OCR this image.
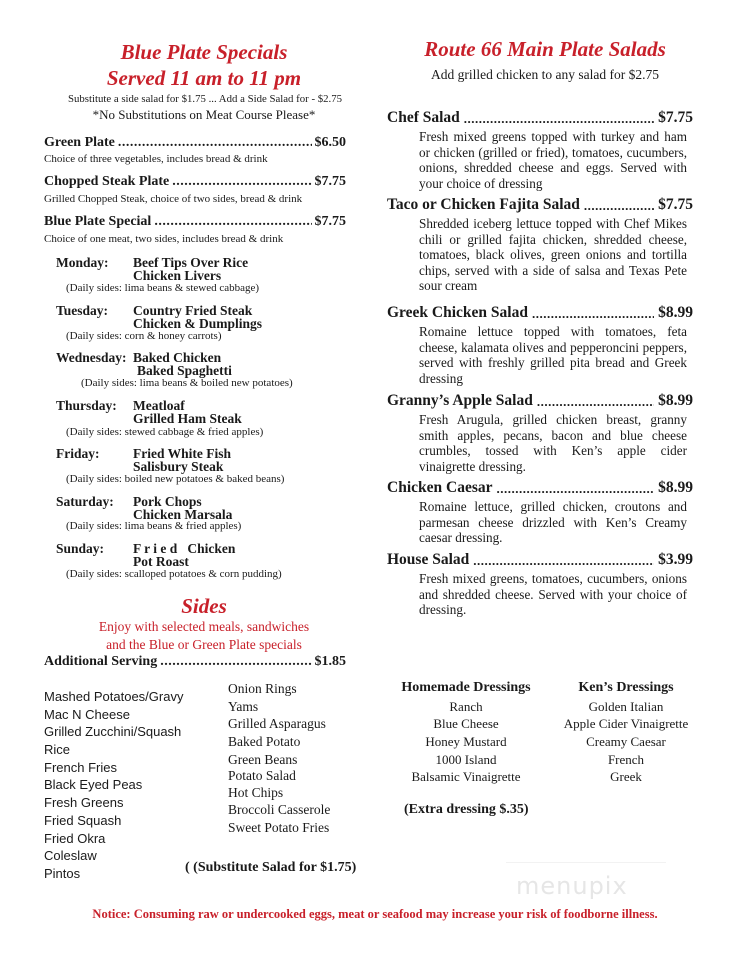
Blue Plate Specials
Served 11 am to 11 pm
Substitute a side salad for $1.75 ... Add a Side Salad for - $2.75
*No Substitutions on Meat Course Please*
Green Plate .....	$6.50
Choice of three vegetables, includes bread & drink
Chopped Steak Plate .....	$7.75
Grilled Chopped Steak, choice of two sides, bread & drink
Blue Plate Special .....	$7.75
Choice of one meat, two sides, includes bread & drink
Monday: Beef Tips Over Rice
Chicken Livers
(Daily sides: lima beans & stewed cabbage)
Tuesday: Country Fried Steak
Chicken & Dumplings
(Daily sides: corn & honey carrots)
Wednesday: Baked Chicken
Baked Spaghetti
(Daily sides: lima beans & boiled new potatoes)
Thursday: Meatloaf
Grilled Ham Steak
(Daily sides: stewed cabbage & fried apples)
Friday: Fried White Fish
Salisbury Steak
(Daily sides: boiled new potatoes & baked beans)
Saturday: Pork Chops
Chicken Marsala
(Daily sides: lima beans & fried apples)
Sunday: F r i e d   Chicken
Pot Roast
(Daily sides: scalloped potatoes & corn pudding)
Sides
Enjoy with selected meals, sandwiches
and the Blue or Green Plate specials
Additional Serving .....	$1.85
Mashed Potatoes/Gravy
Mac N Cheese
Grilled Zucchini/Squash
Rice
French Fries
Black Eyed Peas
Fresh Greens
Fried Squash
Fried Okra
Coleslaw
Pintos
Onion Rings
Yams
Grilled Asparagus
Baked Potato
Green Beans
Potato Salad
Hot Chips
Broccoli Casserole
Sweet Potato Fries
( (Substitute Salad for $1.75)
Route 66 Main Plate Salads
Add grilled chicken to any salad for $2.75
Chef Salad .....	$7.75
Fresh mixed greens topped with turkey and ham or chicken (grilled or fried), tomatoes, cucumbers, onions, shredded cheese and eggs. Served with your choice of dressing
Taco or Chicken Fajita Salad .....	$7.75
Shredded iceberg lettuce topped with Chef Mikes chili or grilled fajita chicken, shredded cheese, tomatoes, black olives, green onions and tortilla chips, served with a side of salsa and Texas Pete sour cream
Greek Chicken Salad .....	$8.99
Romaine lettuce topped with tomatoes, feta cheese, kalamata olives and pepperoncini peppers, served with freshly grilled pita bread and Greek dressing
Granny’s Apple Salad .....	$8.99
Fresh Arugula, grilled chicken breast, granny smith apples, pecans, bacon and blue cheese crumbles, tossed with Ken’s apple cider vinaigrette dressing.
Chicken Caesar .....	$8.99
Romaine lettuce, grilled chicken, croutons and parmesan cheese drizzled with Ken’s Creamy caesar dressing.
House Salad .....	$3.99
Fresh mixed greens, tomatoes, cucumbers, onions and shredded cheese. Served with your choice of dressing.
Homemade Dressings
Ranch
Blue Cheese
Honey Mustard
1000 Island
Balsamic Vinaigrette
Ken’s Dressings
Golden Italian
Apple Cider Vinaigrette
Creamy Caesar
French
Greek
(Extra dressing $.35)
menupix
Notice: Consuming raw or undercooked eggs, meat or seafood may increase your risk of foodborne illness.
